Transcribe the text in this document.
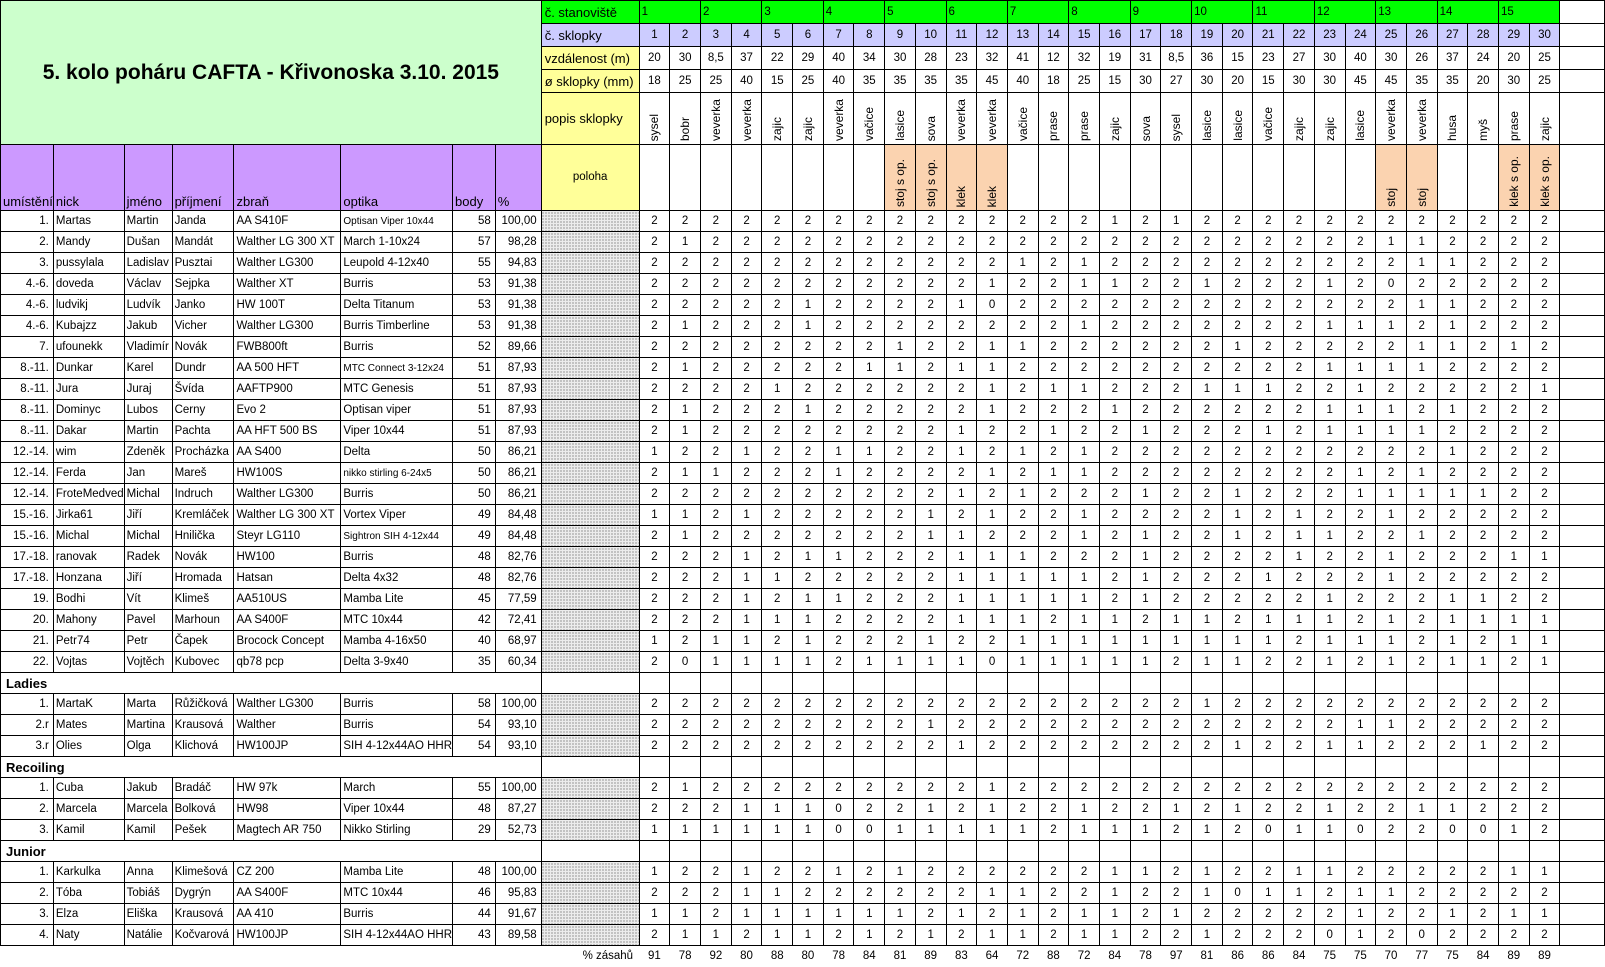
5. kolo poháru CAFTA - Křivonoska 3.10. 2015								č. stanoviště	1		2		3		4		5		6		7		8		9		10		11		12		13		14		15		
								č. sklopky	1	2	3	4	5	6	7	8	9	10	11	12	13	14	15	16	17	18	19	20	21	22	23	24	25	26	27	28	29	30	
								vzdálenost (m)	20	30	8,5	37	22	29	40	34	30	28	23	32	41	12	32	19	31	8,5	36	15	23	27	30	40	30	26	37	24	20	25	
								ø sklopky (mm)	18	25	25	40	15	25	40	35	35	35	35	45	40	18	25	15	30	27	30	20	15	30	30	45	45	35	35	20	30	25	
								popis sklopky	sysel	bobr	veverka	veverka	zajic	zajic	veverka	vačice	lasice	sova	veverka	veverka	vačice	prase	prase	zajic	sova	sysel	lasice	lasice	vačice	zajic	zajic	lasice	veverka	veverka	husa	myš	prase	zajic	

umístění	nick	jméno	příjmení	zbraň	optika	body	%	poloha									stoj s op.	stoj s op.	klek	klek													stoj	stoj			klek s op.	klek s op.	

1.	Martas	Martin	Janda	AA S410F	Optisan Viper 10x44	58	100,00		2	2	2	2	2	2	2	2	2	2	2	2	2	2	2	1	2	1	2	2	2	2	2	2	2	2	2	2	2	2	
2.	Mandy	Dušan	Mandát	Walther LG 300 XT	March 1-10x24	57	98,28		2	1	2	2	2	2	2	2	2	2	2	2	2	2	2	2	2	2	2	2	2	2	2	2	1	1	2	2	2	2	
3.	pussylala	Ladislav	Pusztai	Walther LG300	Leupold 4-12x40	55	94,83		2	2	2	2	2	2	2	2	2	2	2	2	1	2	1	2	2	2	2	2	2	2	2	2	2	1	1	2	2	2	
4.-6.	doveda	Václav	Sejpka	Walther XT	Burris	53	91,38		2	2	2	2	2	2	2	2	2	2	2	1	2	2	1	1	2	2	1	2	2	2	1	2	0	2	2	2	2	2	
4.-6.	ludvikj	Ludvík	Janko	HW 100T	Delta Titanum	53	91,38		2	2	2	2	2	1	2	2	2	2	1	0	2	2	2	2	2	2	2	2	2	2	2	2	2	1	1	2	2	2	
4.-6.	Kubajzz	Jakub	Vicher	Walther LG300	Burris Timberline	53	91,38		2	1	2	2	2	1	2	2	2	2	2	2	2	2	1	2	2	2	2	2	2	2	1	1	1	2	1	2	2	2	
7.	ufounekk	Vladimír	Novák	FWB800ft	Burris	52	89,66		2	2	2	2	2	2	2	2	1	2	2	1	1	2	2	2	2	2	2	1	2	2	2	2	2	1	1	2	1	2	
8.-11.	Dunkar	Karel	Dundr	AA 500 HFT	MTC Connect 3-12x24	51	87,93		2	1	2	2	2	2	2	1	1	2	1	1	2	2	2	2	2	2	2	2	2	2	1	1	1	1	2	2	2	2	
8.-11.	Jura	Juraj	Švída	AAFTP900	MTC Genesis	51	87,93		2	2	2	2	1	2	2	2	2	2	2	1	2	1	1	2	2	2	1	1	1	2	2	1	2	2	2	2	2	1	
8.-11.	Dominyc	Lubos	Cerny	Evo 2	Optisan viper	51	87,93		2	1	2	2	2	1	2	2	2	2	2	1	2	2	2	1	2	2	2	2	2	2	1	1	1	2	1	2	2	2	
8.-11.	Dakar	Martin	Pachta	AA HFT 500 BS	Viper 10x44	51	87,93		2	1	2	2	2	2	2	2	2	2	1	2	2	1	2	2	1	2	2	2	1	2	1	1	1	1	2	2	2	2	
12.-14.	wim	Zdeněk	Procházka	AA S400	Delta	50	86,21		1	2	2	1	2	2	1	1	2	2	1	2	1	2	1	2	2	2	2	2	2	2	2	2	2	2	1	2	2	2	
12.-14.	Ferda	Jan	Mareš	HW100S	nikko stirling 6-24x5	50	86,21		2	1	1	2	2	2	1	2	2	2	2	1	2	1	1	2	2	2	2	2	2	2	2	1	2	1	2	2	2	2	
12.-14.	FroteMedved	Michal	Indruch	Walther LG300	Burris	50	86,21		2	2	2	2	2	2	2	2	2	2	1	2	1	2	2	2	1	2	2	1	2	2	2	1	1	1	1	1	2	2	
15.-16.	Jirka61	Jiří	Kremláček	Walther LG 300 XT	Vortex Viper	49	84,48		1	1	2	1	2	2	2	2	2	1	2	1	2	2	1	2	2	2	2	1	2	1	2	2	1	2	2	2	2	2	
15.-16.	Michal	Michal	Hnilička	Steyr LG110	Sightron SIH 4-12x44	49	84,48		2	1	2	2	2	2	2	2	2	1	1	2	2	2	1	2	1	2	2	1	2	1	1	2	2	1	2	2	2	2	
17.-18.	ranovak	Radek	Novák	HW100	Burris	48	82,76		2	2	2	1	2	1	1	2	2	2	1	1	1	2	2	2	1	2	2	2	2	1	2	2	1	2	2	2	1	1	
17.-18.	Honzana	Jiří	Hromada	Hatsan	Delta 4x32	48	82,76		2	2	2	1	1	2	2	2	2	2	1	1	1	1	1	2	1	2	2	2	1	2	2	2	1	2	2	2	2	2	
19.	Bodhi	Vít	Klimeš	AA510US	Mamba Lite	45	77,59		2	2	2	1	2	1	1	2	2	2	1	1	1	1	1	2	1	2	2	2	2	2	1	2	2	2	1	1	2	2	
20.	Mahony	Pavel	Marhoun	AA S400F	MTC 10x44	42	72,41		2	2	2	1	1	1	2	2	2	2	1	1	1	2	1	1	2	1	1	2	1	1	1	2	1	2	1	1	1	1	
21.	Petr74	Petr	Čapek	Brocock Concept	Mamba 4-16x50	40	68,97		1	2	1	1	2	1	2	2	2	1	2	2	1	1	1	1	1	1	1	1	1	2	1	1	1	2	1	2	1	1	
22.	Vojtas	Vojtěch	Kubovec	qb78 pcp	Delta 3-9x40	35	60,34		2	0	1	1	1	1	2	1	1	1	1	0	1	1	1	1	1	2	1	1	2	2	1	2	1	2	1	1	2	1	
Ladies																																							
1.	MartaK	Marta	Růžičková	Walther LG300	Burris	58	100,00		2	2	2	2	2	2	2	2	2	2	2	2	2	2	2	2	2	2	1	2	2	2	2	2	2	2	2	2	2	2	
2.r	Mates	Martina	Krausová	Walther	Burris	54	93,10		2	2	2	2	2	2	2	2	2	1	2	2	2	2	2	2	2	2	2	2	2	2	2	1	1	2	2	2	2	2	
3.r	Olies	Olga	Klichová	HW100JP	SIH 4-12x44AO HHR	54	93,10		2	2	2	2	2	2	2	2	2	2	1	2	2	2	2	2	2	2	2	1	2	2	1	1	2	2	2	1	2	2	
Recoiling																																							
1.	Cuba	Jakub	Bradáč	HW 97k	March	55	100,00		2	1	2	2	2	2	2	2	2	2	2	1	2	2	2	2	2	2	2	2	2	2	2	2	2	2	2	2	2	2	
2.	Marcela	Marcela	Bolková	HW98	Viper 10x44	48	87,27		2	2	2	1	1	1	0	2	2	1	2	1	2	2	1	2	2	1	2	1	2	2	1	2	2	1	1	2	2	2	
3.	Kamil	Kamil	Pešek	Magtech AR 750	Nikko Stirling	29	52,73		1	1	1	1	1	1	0	0	1	1	1	1	1	2	1	1	1	2	1	2	0	1	1	0	2	2	0	0	1	2	
Junior																																							
1.	Karkulka	Anna	Klimešová	CZ 200	Mamba Lite	48	100,00		1	2	2	1	2	2	1	2	1	2	2	2	2	2	2	1	1	2	1	2	2	1	1	2	2	2	2	2	1	1	
2.	Tóba	Tobiáš	Dygrýn	AA S400F	MTC 10x44	46	95,83		2	2	2	1	1	2	2	2	2	2	2	1	1	2	2	1	2	2	1	0	1	1	2	1	1	2	2	2	2	2	
3.	Elza	Eliška	Krausová	AA 410	Burris	44	91,67		1	1	2	1	1	1	1	1	1	2	1	2	1	2	1	1	2	1	2	2	2	2	2	1	2	2	1	2	1	1	
4.	Naty	Natálie	Kočvarová	HW100JP	SIH 4-12x44AO HHR	43	89,58		2	1	1	2	1	1	2	1	2	1	2	1	1	2	1	1	2	2	1	2	2	2	0	1	2	0	2	2	2	2	
								% zásahů	91	78	92	80	88	80	78	84	81	89	83	64	72	88	72	84	78	97	81	86	86	84	75	75	70	77	75	84	89	89	
